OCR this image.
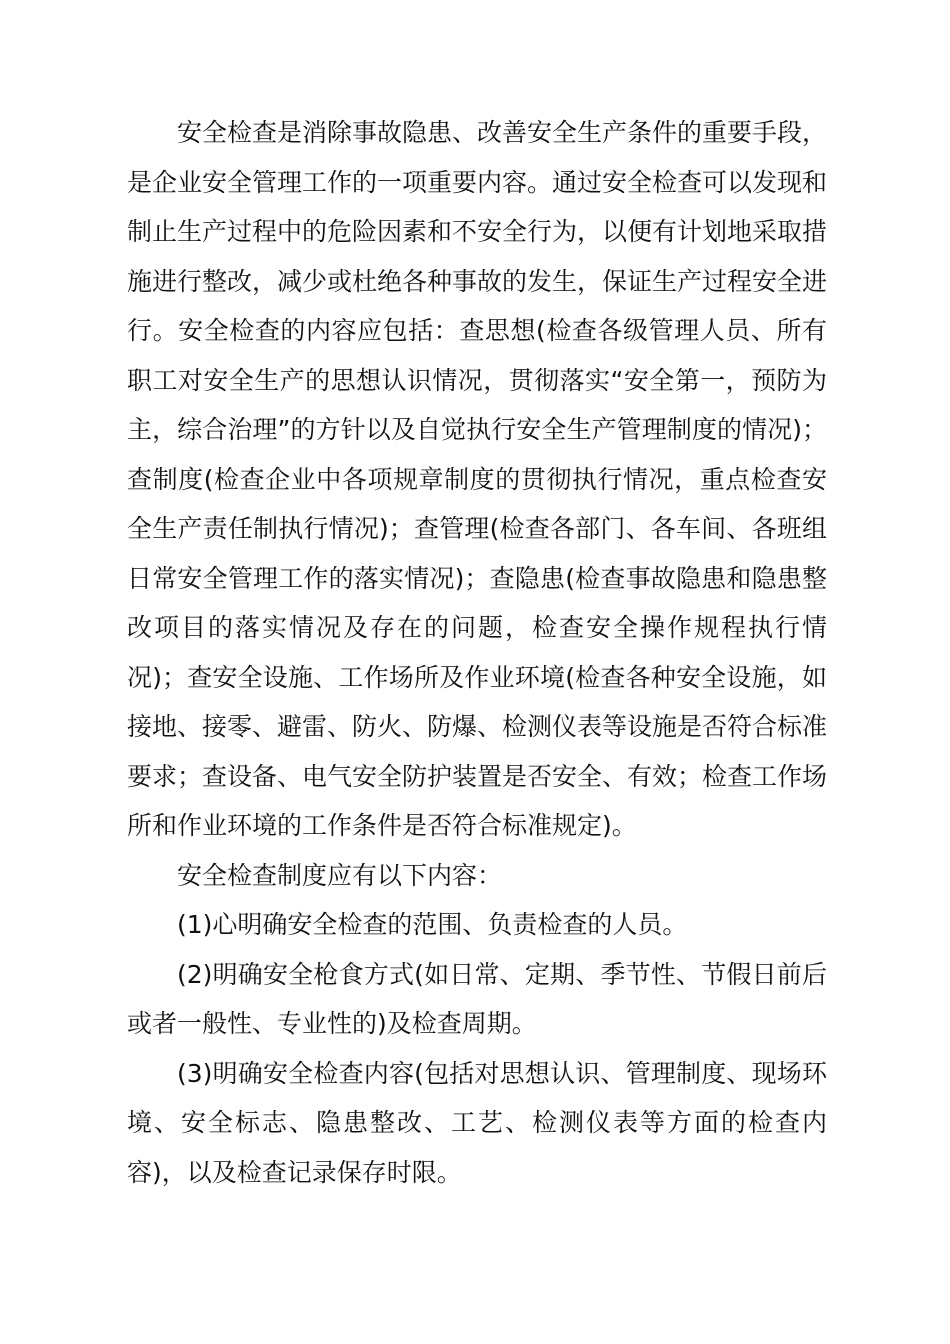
安全检查是消除事故隐患、改善安全生产条件的重要手段，是企业安全管理工作的一项重要内容。通过安全检查可以发现和制止生产过程中的危险因素和不安全行为，以便有计划地采取措施进行整改，减少或杜绝各种事故的发生，保证生产过程安全进行。安全检查的内容应包括：查思想(检查各级管理人员、所有职工对安全生产的思想认识情况，贯彻落实“安全第一，预防为主，综合治理”的方针以及自觉执行安全生产管理制度的情况)；查制度(检查企业中各项规章制度的贯彻执行情况，重点检查安全生产责任制执行情况)；查管理(检查各部门、各车间、各班组日常安全管理工作的落实情况)；查隐患(检查事故隐患和隐患整改项目的落实情况及存在的问题，检查安全操作规程执行情况)；查安全设施、工作场所及作业环境(检查各种安全设施，如接地、接零、避雷、防火、防爆、检测仪表等设施是否符合标准要求；查设备、电气安全防护装置是否安全、有效；检查工作场所和作业环境的工作条件是否符合标准规定)。

安全检查制度应有以下内容：

(1)心明确安全检查的范围、负责检查的人员。

(2)明确安全枪食方式(如日常、定期、季节性、节假日前后或者一般性、专业性的)及检查周期。

(3)明确安全检查内容(包括对思想认识、管理制度、现场环境、安全标志、隐患整改、工艺、检测仪表等方面的检查内容)，以及检查记录保存时限。
